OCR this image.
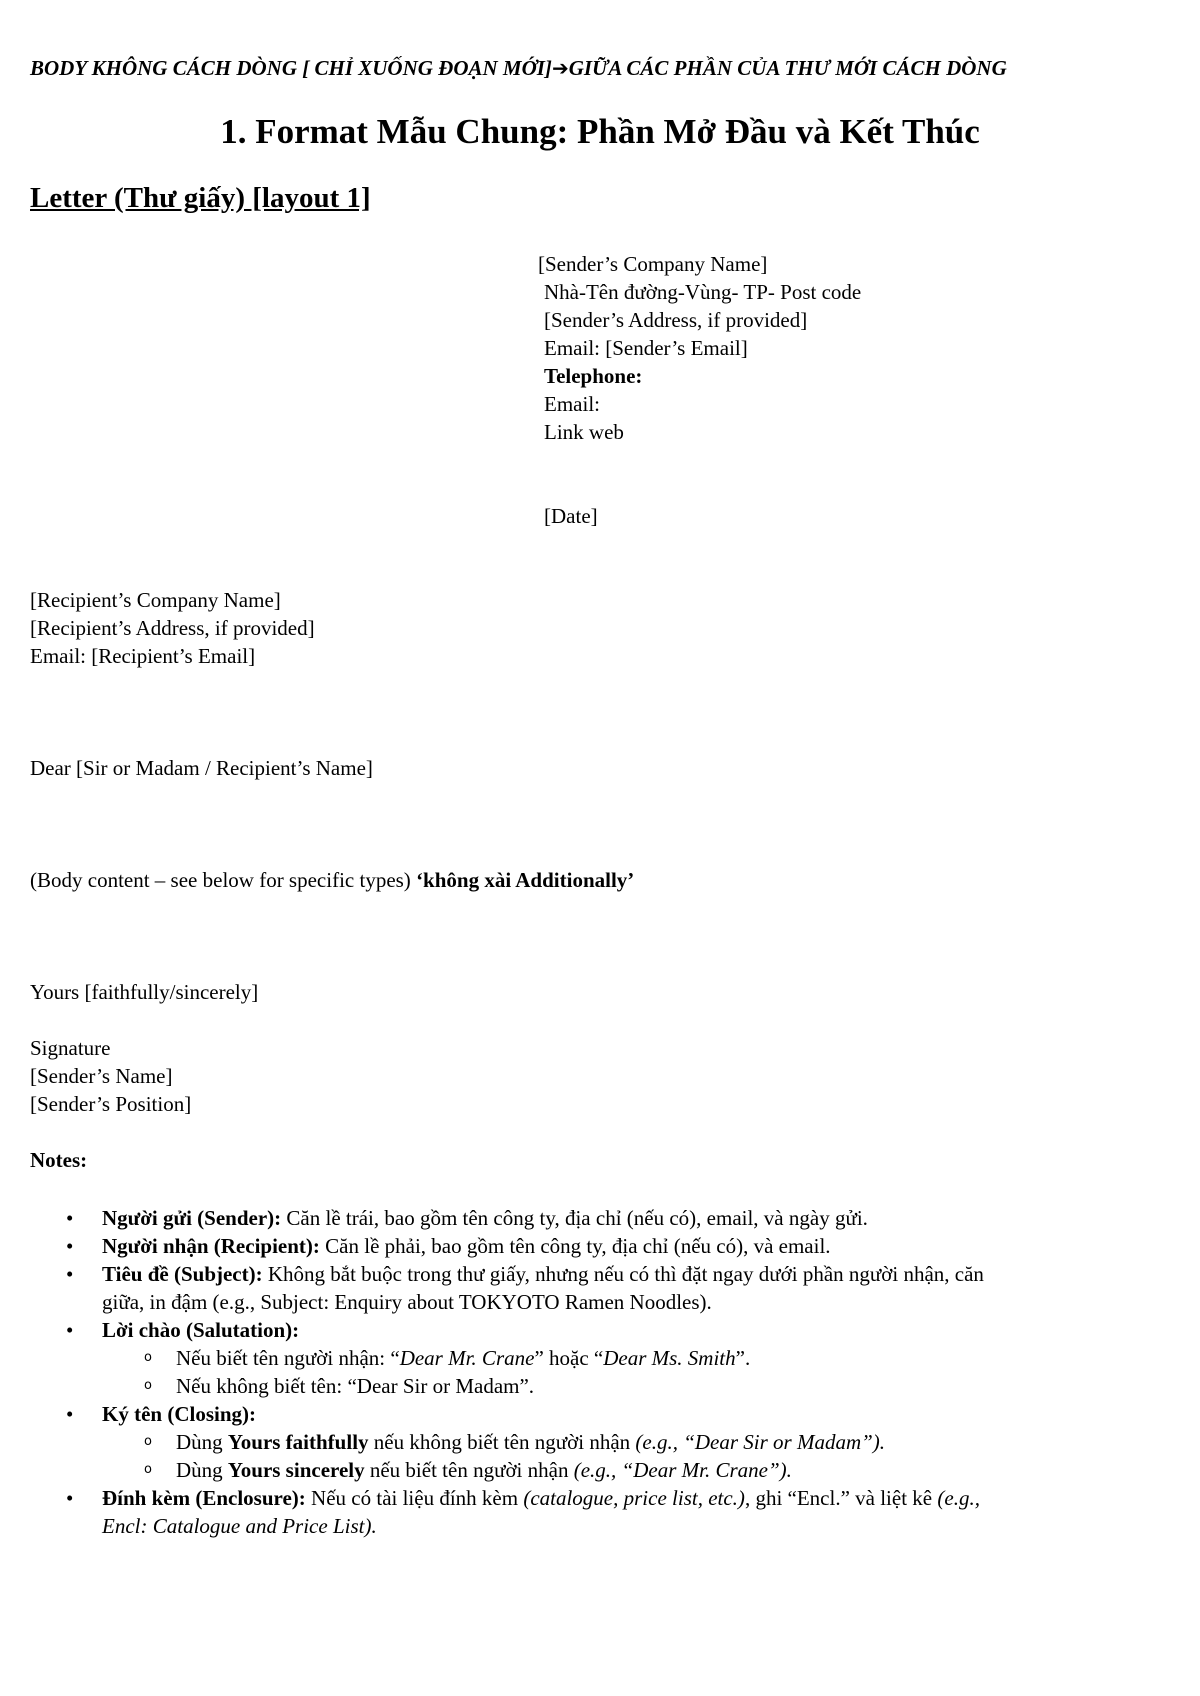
BODY KHÔNG CÁCH DÒNG [ CHỈ XUỐNG ĐOẠN MỚI]➔GIỮA CÁC PHẦN CỦA THƯ MỚI CÁCH DÒNG
1. Format Mẫu Chung: Phần Mở Đầu và Kết Thúc
Letter (Thư giấy) [layout 1]
[Sender’s Company Name]
Nhà-Tên đường-Vùng- TP- Post code
[Sender’s Address, if provided]
Email: [Sender’s Email]
Telephone:
Email:
Link web
[Date]
[Recipient’s Company Name]
[Recipient’s Address, if provided]
Email: [Recipient’s Email]
Dear [Sir or Madam / Recipient’s Name]
(Body content – see below for specific types) ‘không xài Additionally’
Yours [faithfully/sincerely]
Signature
[Sender’s Name]
[Sender’s Position]
Notes:
• Người gửi (Sender): Căn lề trái, bao gồm tên công ty, địa chỉ (nếu có), email, và ngày gửi.
• Người nhận (Recipient): Căn lề phải, bao gồm tên công ty, địa chỉ (nếu có), và email.
• Tiêu đề (Subject): Không bắt buộc trong thư giấy, nhưng nếu có thì đặt ngay dưới phần người nhận, căn
giữa, in đậm (e.g., Subject: Enquiry about TOKYOTO Ramen Noodles).
• Lời chào (Salutation):
o Nếu biết tên người nhận: “Dear Mr. Crane” hoặc “Dear Ms. Smith”.
o Nếu không biết tên: “Dear Sir or Madam”.
• Ký tên (Closing):
o Dùng Yours faithfully nếu không biết tên người nhận (e.g., “Dear Sir or Madam”).
o Dùng Yours sincerely nếu biết tên người nhận (e.g., “Dear Mr. Crane”).
• Đính kèm (Enclosure): Nếu có tài liệu đính kèm (catalogue, price list, etc.), ghi “Encl.” và liệt kê (e.g.,
Encl: Catalogue and Price List).
